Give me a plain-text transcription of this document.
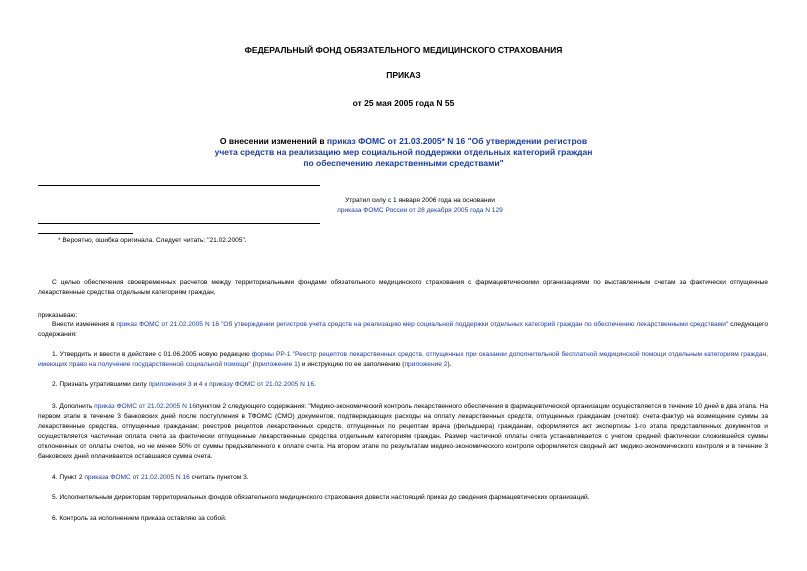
ФЕДЕРАЛЬНЫЙ ФОНД ОБЯЗАТЕЛЬНОГО МЕДИЦИНСКОГО СТРАХОВАНИЯ
ПРИКАЗ
от 25 мая 2005 года N 55
О внесении изменений в приказ ФОМС от 21.03.2005* N 16 "Об утверждении регистров
учета средств на реализацию мер социальной поддержки отдельных категорий граждан
по обеспечению лекарственными средствами"
Утратил силу с 1 января 2006 года на основании
приказа ФОМС России от 28 декабря 2005 года N 129
* Вероятно, ошибка оригинала. Следует читать: "21.02.2005".
С целью обеспечения своевременных расчетов между территориальными фондами обязательного медицинского страхования с фармацевтическими организациями по выставленным счетам за фактически отпущенные лекарственные средства отдельным категориям граждан,
приказываю:
Внести изменения в приказ ФОМС от 21.02.2005 N 16 "Об утверждении регистров учета средств на реализацию мер социальной поддержки отдельных категорий граждан по обеспечению лекарственными средствами" следующего содержания:
1. Утвердить и ввести в действие с 01.06.2005 новую редакцию формы РР-1 "Реестр рецептов лекарственных средств, отпущенных при оказании дополнительной бесплатной медицинской помощи отдельным категориям граждан, имеющих право на получение государственной социальной помощи" (приложение 1) и инструкцию по ее заполнению (приложение 2).
2. Признать утратившими силу приложения 3 и 4 к приказу ФОМС от 21.02.2005 N 16.
3. Дополнить приказ ФОМС от 21.02.2005 N 16пунктом 2 следующего содержания: "Медико-экономический контроль лекарственного обеспечения в фармацевтической организации осуществляется в течение 10 дней в два этапа. На первом этапе в течение 3 банковских дней после поступления в ТФОМС (СМО) документов, подтверждающих расходы на оплату лекарственных средств, отпущенных гражданам (счетов): счета-фактур на возмещение суммы за лекарственные средства, отпущенные гражданам; реестров рецептов лекарственных средств, отпущенных по рецептам врача (фельдшера) гражданам, оформляется акт экспертизы 1-го этапа представленных документов и осуществляется частичная оплата счета за фактически отпущенные лекарственные средства отдельным категориям граждан. Размер частичной оплаты счета устанавливается с учетом средней фактически сложившейся суммы отклоненных от оплаты счетов, но не менее 50% от суммы предъявленного к оплате счета. На втором этапе по результатам медико-экономического контроля оформляется сводный акт медико-экономического контроля и в течение 3 банковских дней оплачивается оставшаяся сумма счета.
4. Пункт 2 приказа ФОМС от 21.02.2005 N 16 считать пунктом 3.
5. Исполнительным директорам территориальных фондов обязательного медицинского страхования довести настоящий приказ до сведения фармацевтических организаций.
6. Контроль за исполнением приказа оставляю за собой.
